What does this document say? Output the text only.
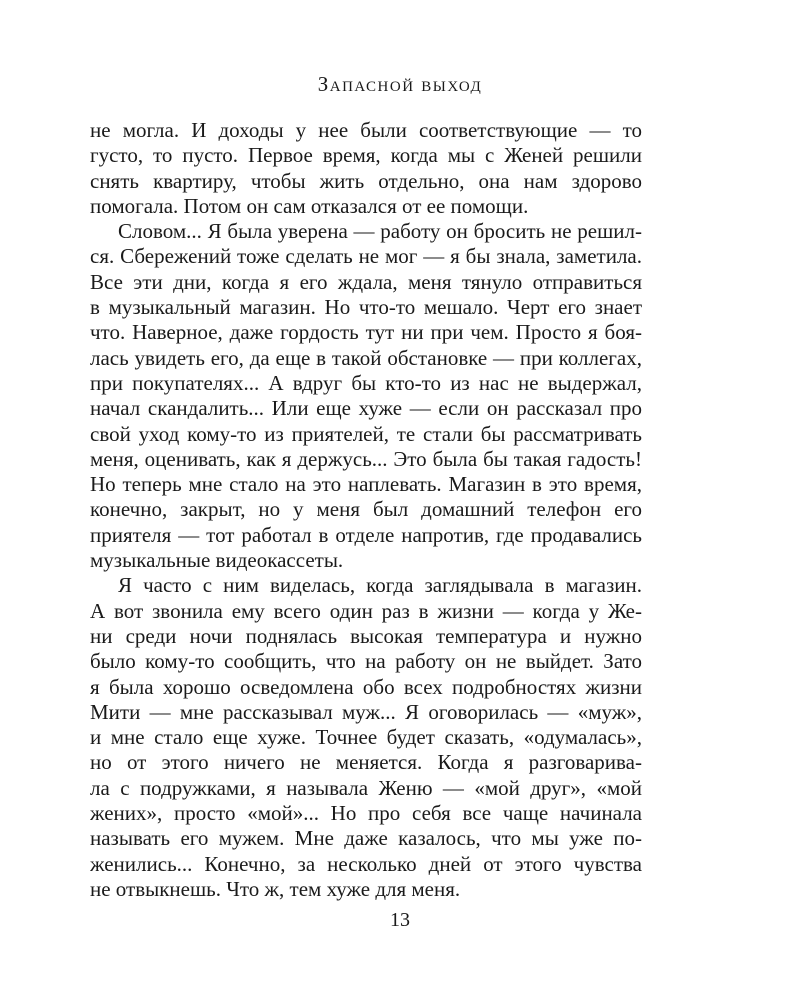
Запасной выход
не могла. И доходы у нее были соответствующие — то
густо, то пусто. Первое время, когда мы с Женей решили
снять квартиру, чтобы жить отдельно, она нам здорово
помогала. Потом он сам отказался от ее помощи.
Словом... Я была уверена — работу он бросить не решил-
ся. Сбережений тоже сделать не мог — я бы знала, заметила.
Все эти дни, когда я его ждала, меня тянуло отправиться
в музыкальный магазин. Но что-то мешало. Черт его знает
что. Наверное, даже гордость тут ни при чем. Просто я боя-
лась увидеть его, да еще в такой обстановке — при коллегах,
при покупателях... А вдруг бы кто-то из нас не выдержал,
начал скандалить... Или еще хуже — если он рассказал про
свой уход кому-то из приятелей, те стали бы рассматривать
меня, оценивать, как я держусь... Это была бы такая гадость!
Но теперь мне стало на это наплевать. Магазин в это время,
конечно, закрыт, но у меня был домашний телефон его
приятеля — тот работал в отделе напротив, где продавались
музыкальные видеокассеты.
Я часто с ним виделась, когда заглядывала в магазин.
А вот звонила ему всего один раз в жизни — когда у Же-
ни среди ночи поднялась высокая температура и нужно
было кому-то сообщить, что на работу он не выйдет. Зато
я была хорошо осведомлена обо всех подробностях жизни
Мити — мне рассказывал муж... Я оговорилась — «муж»,
и мне стало еще хуже. Точнее будет сказать, «одумалась»,
но от этого ничего не меняется. Когда я разговарива-
ла с подружками, я называла Женю — «мой друг», «мой
жених», просто «мой»... Но про себя все чаще начинала
называть его мужем. Мне даже казалось, что мы уже по-
женились... Конечно, за несколько дней от этого чувства
не отвыкнешь. Что ж, тем хуже для меня.
13
